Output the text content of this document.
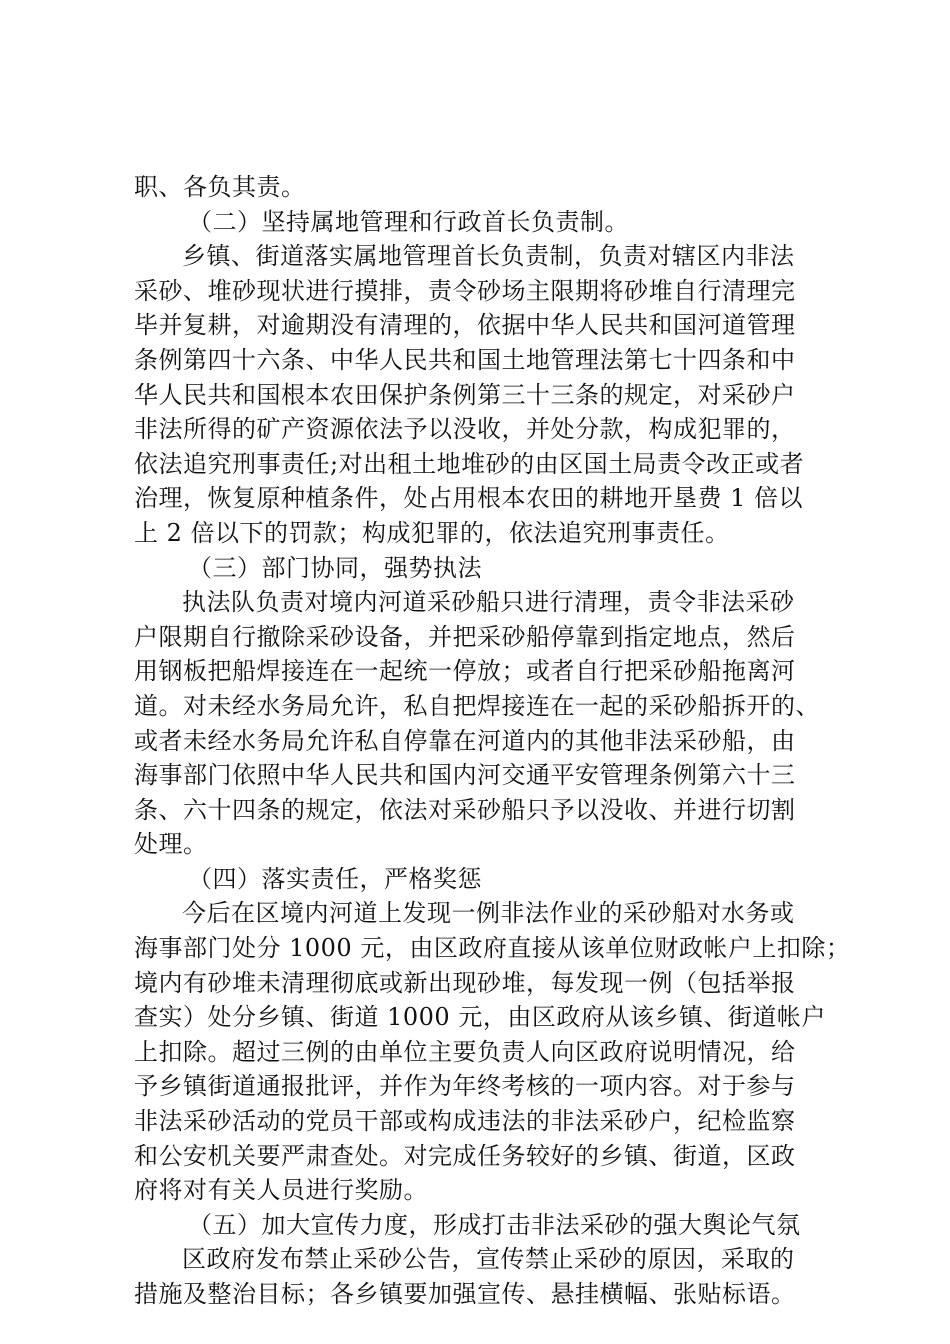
职、各负其责。
（二）坚持属地管理和行政首长负责制。
乡镇、街道落实属地管理首长负责制，负责对辖区内非法
采砂、堆砂现状进行摸排，责令砂场主限期将砂堆自行清理完
毕并复耕，对逾期没有清理的，依据中华人民共和国河道管理
条例第四十六条、中华人民共和国土地管理法第七十四条和中
华人民共和国根本农田保护条例第三十三条的规定，对采砂户
非法所得的矿产资源依法予以没收，并处分款，构成犯罪的，
依法追究刑事责任;对出租土地堆砂的由区国土局责令改正或者
治理，恢复原种植条件，处占用根本农田的耕地开垦费 1 倍以
上 2 倍以下的罚款；构成犯罪的，依法追究刑事责任。
（三）部门协同，强势执法
执法队负责对境内河道采砂船只进行清理，责令非法采砂
户限期自行撤除采砂设备，并把采砂船停靠到指定地点，然后
用钢板把船焊接连在一起统一停放；或者自行把采砂船拖离河
道。对未经水务局允许，私自把焊接连在一起的采砂船拆开的、
或者未经水务局允许私自停靠在河道内的其他非法采砂船，由
海事部门依照中华人民共和国内河交通平安管理条例第六十三
条、六十四条的规定，依法对采砂船只予以没收、并进行切割
处理。
（四）落实责任，严格奖惩
今后在区境内河道上发现一例非法作业的采砂船对水务或
海事部门处分 1000 元，由区政府直接从该单位财政帐户上扣除；
境内有砂堆未清理彻底或新出现砂堆，每发现一例（包括举报
查实）处分乡镇、街道 1000 元，由区政府从该乡镇、街道帐户
上扣除。超过三例的由单位主要负责人向区政府说明情况，给
予乡镇街道通报批评，并作为年终考核的一项内容。对于参与
非法采砂活动的党员干部或构成违法的非法采砂户，纪检监察
和公安机关要严肃查处。对完成任务较好的乡镇、街道，区政
府将对有关人员进行奖励。
（五）加大宣传力度，形成打击非法采砂的强大舆论气氛
区政府发布禁止采砂公告，宣传禁止采砂的原因，采取的
措施及整治目标；各乡镇要加强宣传、悬挂横幅、张贴标语。
